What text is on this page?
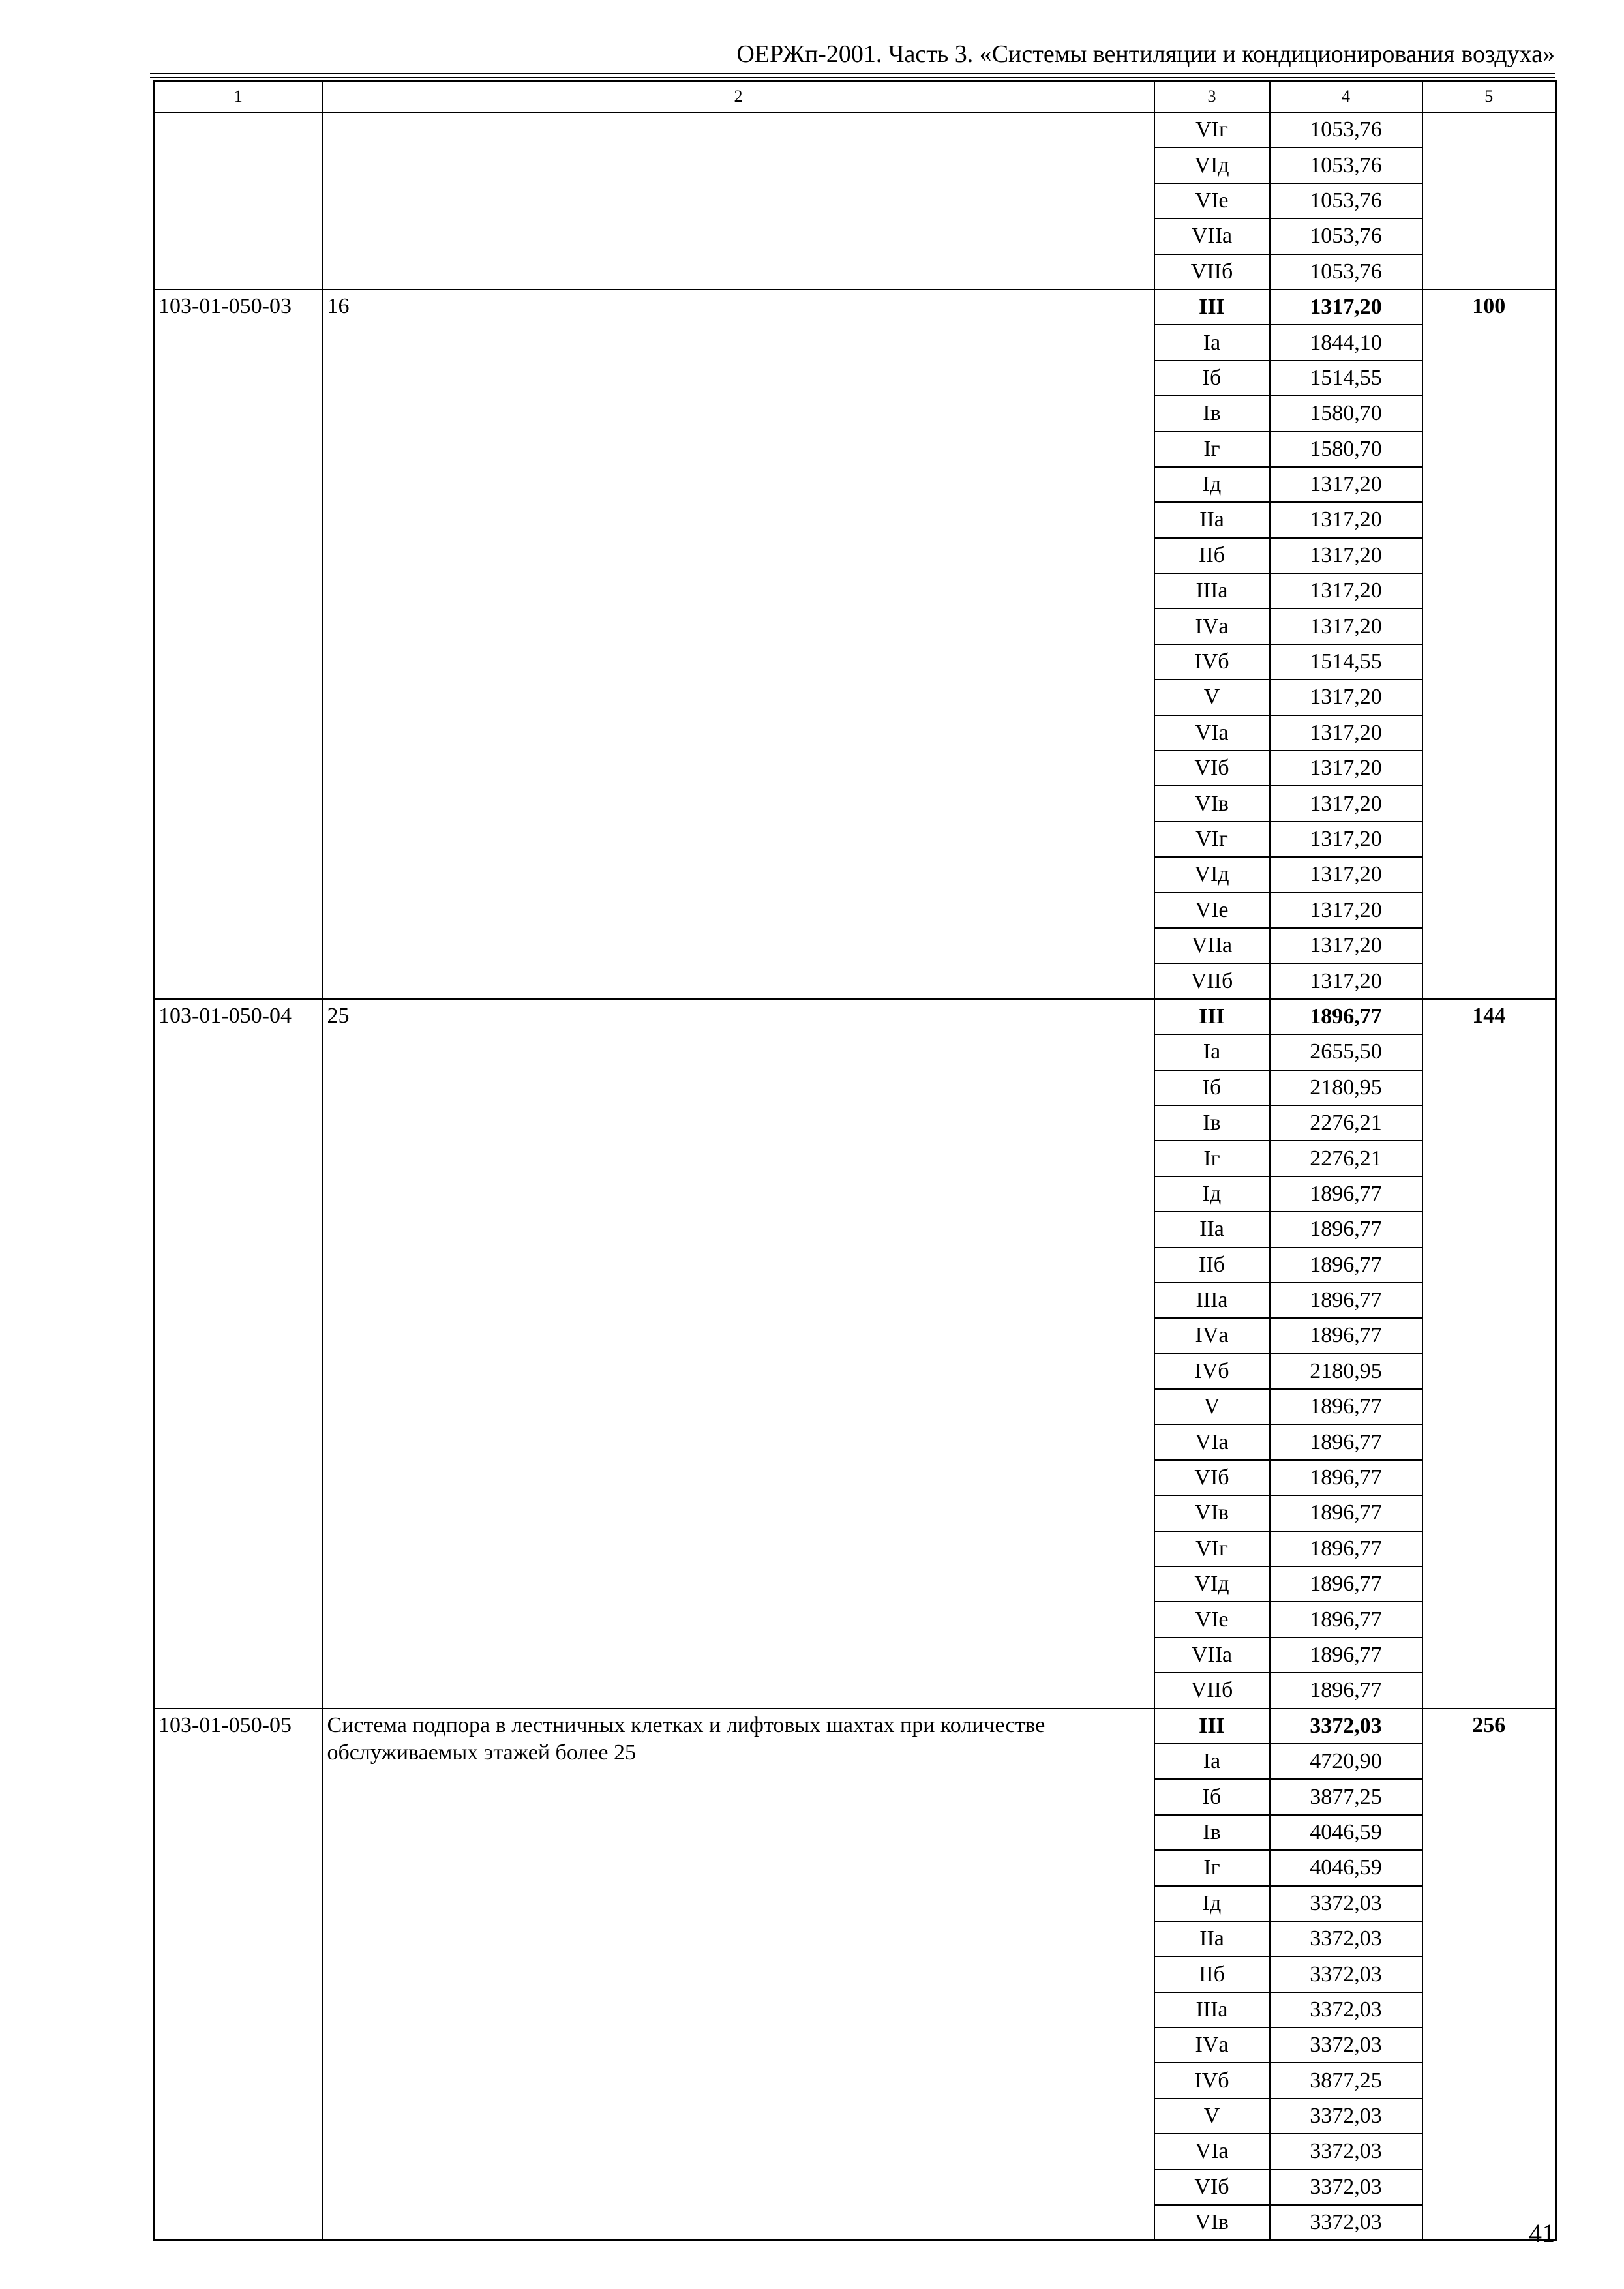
ОЕРЖп-2001. Часть 3. «Системы вентиляции и кондиционирования воздуха»
1	2	3	4	5
		VIг	1053,76	
		VIд	1053,76	
		VIе	1053,76	
		VIIа	1053,76	
		VIIб	1053,76	
103-01-050-03	16	III	1317,20	100
		Iа	1844,10	
		Iб	1514,55	
		Iв	1580,70	
		Iг	1580,70	
		Iд	1317,20	
		IIа	1317,20	
		IIб	1317,20	
		IIIа	1317,20	
		IVа	1317,20	
		IVб	1514,55	
		V	1317,20	
		VIа	1317,20	
		VIб	1317,20	
		VIв	1317,20	
		VIг	1317,20	
		VIд	1317,20	
		VIе	1317,20	
		VIIа	1317,20	
		VIIб	1317,20	
103-01-050-04	25	III	1896,77	144
		Iа	2655,50	
		Iб	2180,95	
		Iв	2276,21	
		Iг	2276,21	
		Iд	1896,77	
		IIа	1896,77	
		IIб	1896,77	
		IIIа	1896,77	
		IVа	1896,77	
		IVб	2180,95	
		V	1896,77	
		VIа	1896,77	
		VIб	1896,77	
		VIв	1896,77	
		VIг	1896,77	
		VIд	1896,77	
		VIе	1896,77	
		VIIа	1896,77	
		VIIб	1896,77	
103-01-050-05	Система подпора в лестничных клетках и лифтовых шахтах при количестве обслуживаемых этажей более 25	III	3372,03	256
		Iа	4720,90	
		Iб	3877,25	
		Iв	4046,59	
		Iг	4046,59	
		Iд	3372,03	
		IIа	3372,03	
		IIб	3372,03	
		IIIа	3372,03	
		IVа	3372,03	
		IVб	3877,25	
		V	3372,03	
		VIа	3372,03	
		VIб	3372,03	
		VIв	3372,03		41
